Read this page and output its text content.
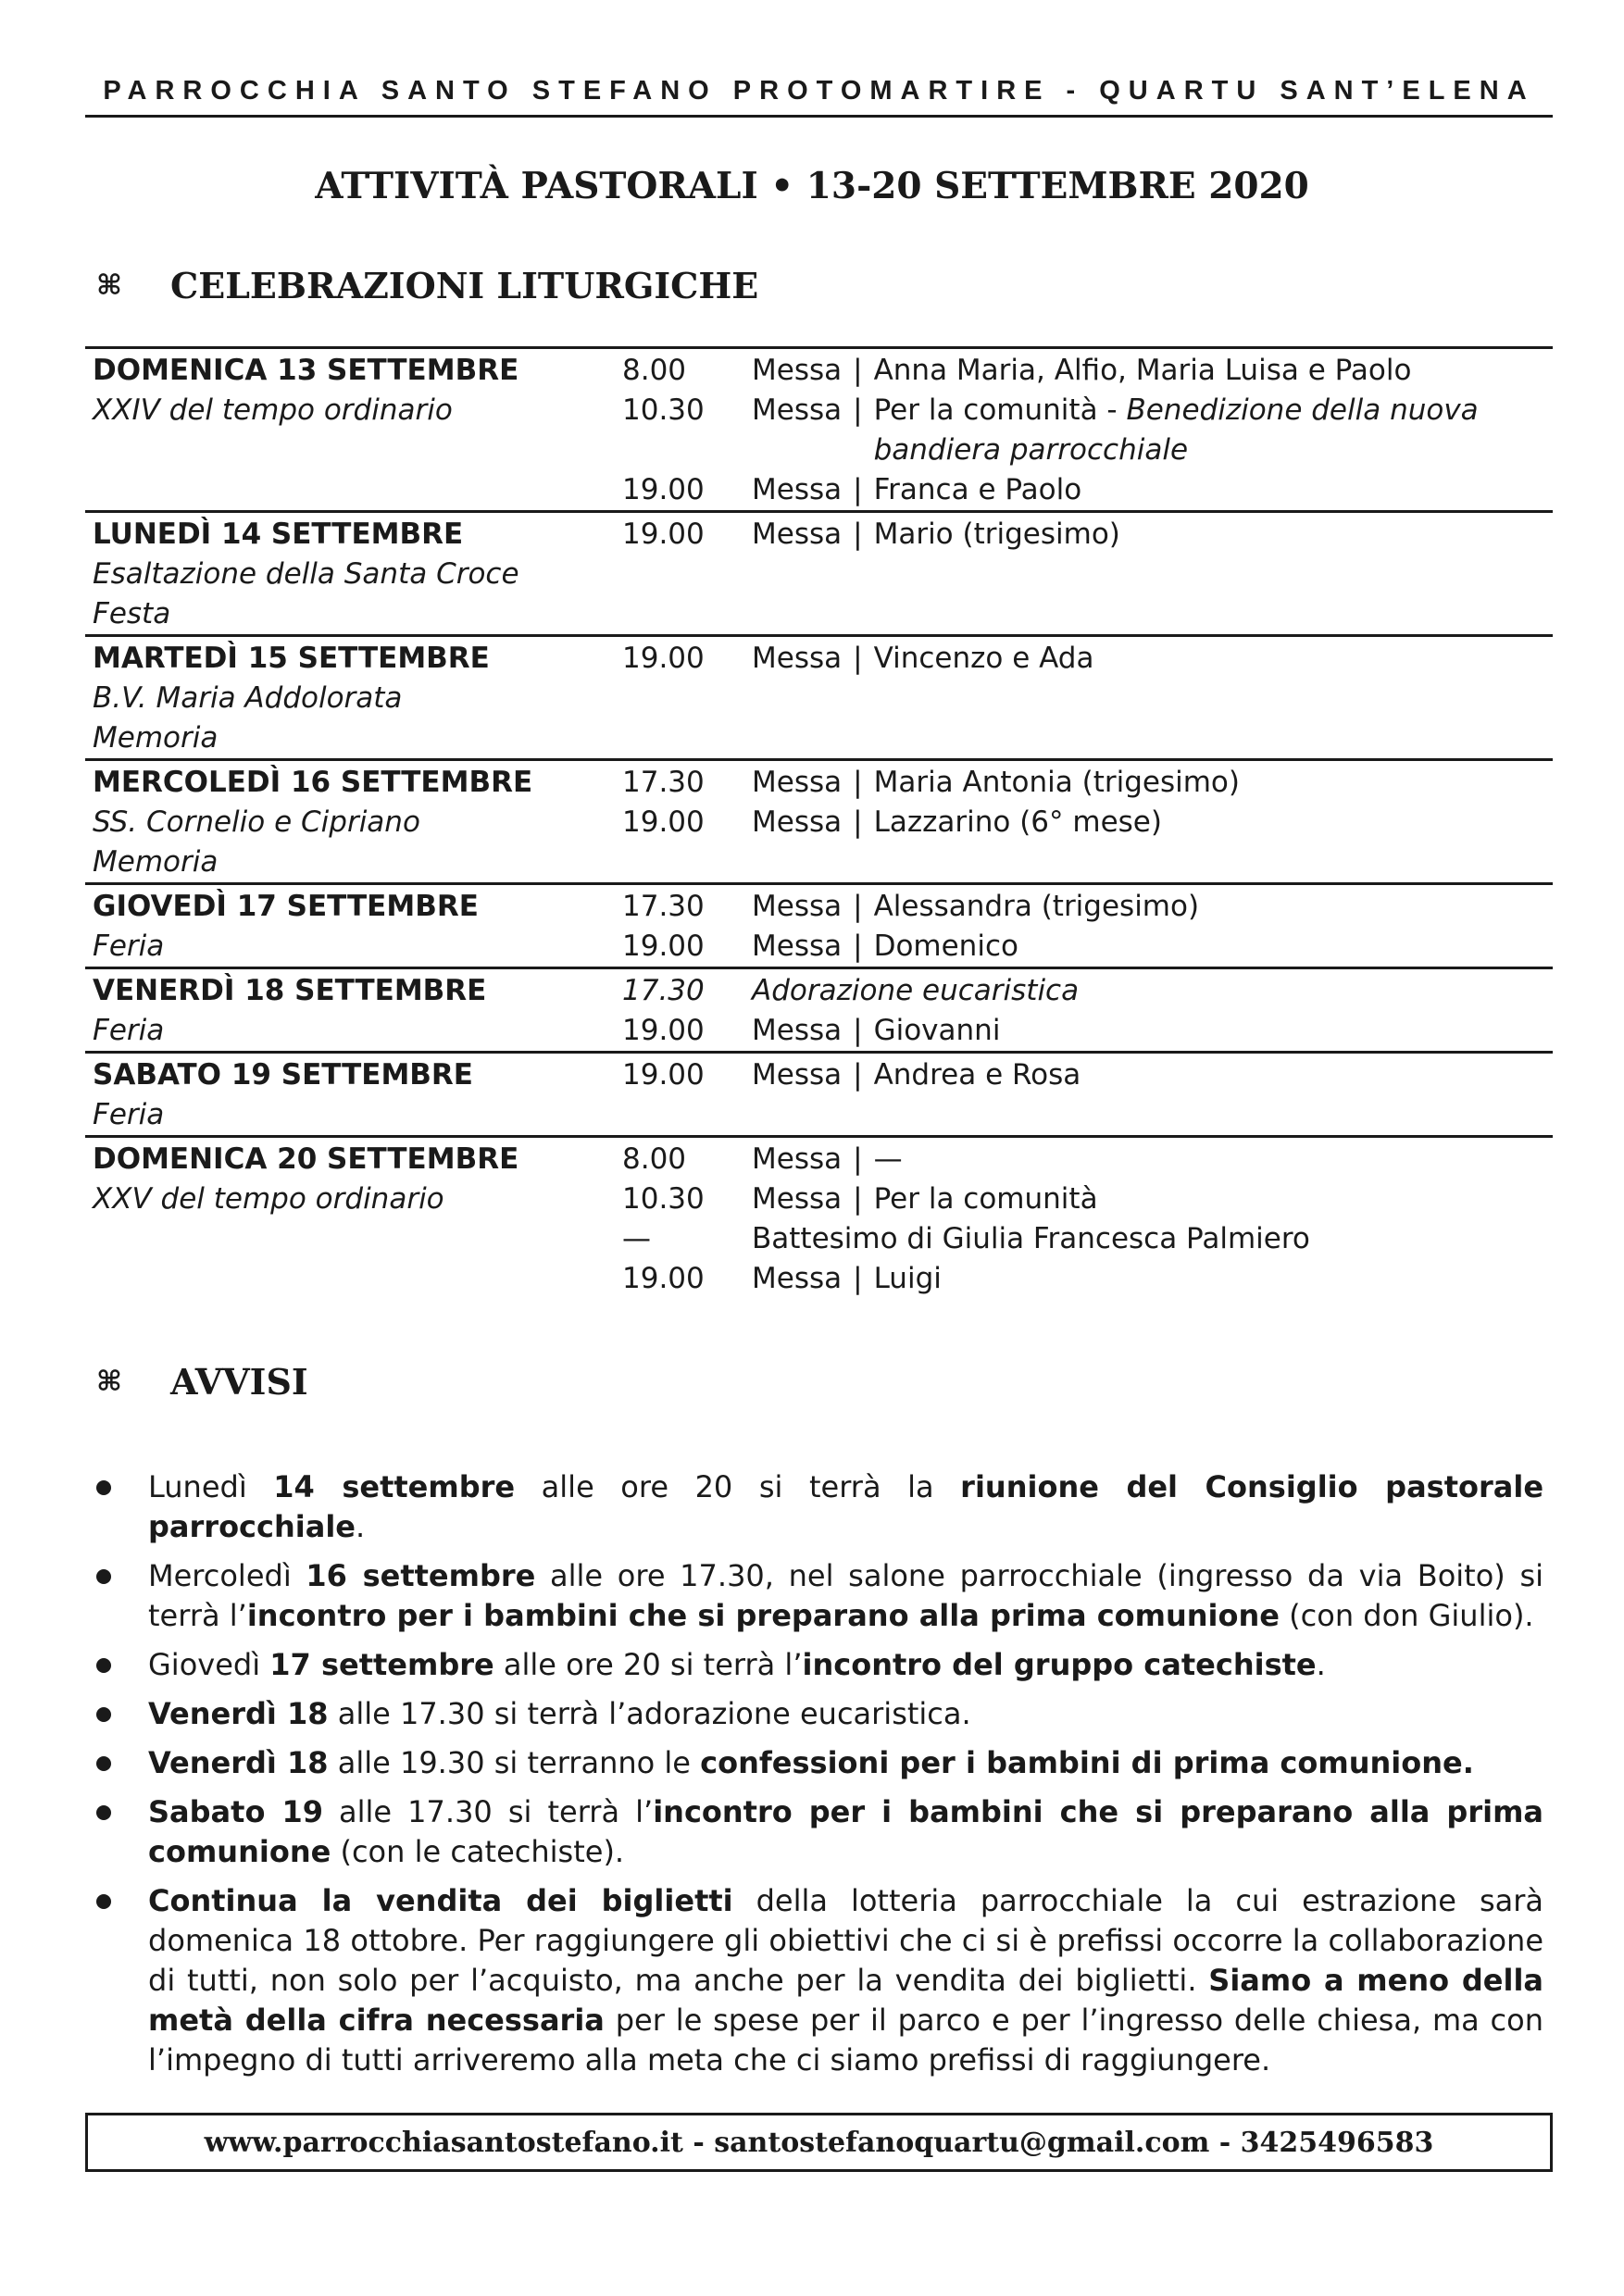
PARROCCHIA SANTO STEFANO PROTOMARTIRE - QUARTU SANT’ELENA
ATTIVITÀ PASTORALI • 13-20 SETTEMBRE 2020
⌘	CELEBRAZIONI LITURGICHE
DOMENICA 13 SETTEMBRE
XXIV del tempo ordinario
8.00	Messa | Anna Maria, Alfio, Maria Luisa e Paolo
10.30	Messa | Per la comunità - Benedizione della nuova bandiera parrocchiale
19.00	Messa | Franca e Paolo
LUNEDÌ 14 SETTEMBRE
Esaltazione della Santa Croce
Festa
19.00	Messa | Mario (trigesimo)
MARTEDÌ 15 SETTEMBRE
B.V. Maria Addolorata
Memoria
19.00	Messa | Vincenzo e Ada
MERCOLEDÌ 16 SETTEMBRE
SS. Cornelio e Cipriano
Memoria
17.30	Messa | Maria Antonia (trigesimo)
19.00	Messa | Lazzarino (6° mese)
GIOVEDÌ 17 SETTEMBRE
Feria
17.30	Messa | Alessandra (trigesimo)
19.00	Messa | Domenico
VENERDÌ 18 SETTEMBRE
Feria
17.30	Adorazione eucaristica
19.00	Messa | Giovanni
SABATO 19 SETTEMBRE
Feria
19.00	Messa | Andrea e Rosa
DOMENICA 20 SETTEMBRE
XXV del tempo ordinario
8.00	Messa | —
10.30	Messa | Per la comunità
—	Battesimo di Giulia Francesca Palmiero
19.00	Messa | Luigi
⌘	AVVISI
Lunedì 14 settembre alle ore 20 si terrà la riunione del Consiglio pastorale parrocchiale.
Mercoledì 16 settembre alle ore 17.30, nel salone parrocchiale (ingresso da via Boito) si terrà l’incontro per i bambini che si preparano alla prima comunione (con don Giulio).
Giovedì 17 settembre alle ore 20 si terrà l’incontro del gruppo catechiste.
Venerdì 18 alle 17.30 si terrà l’adorazione eucaristica.
Venerdì 18 alle 19.30 si terranno le confessioni per i bambini di prima comunione.
Sabato 19 alle 17.30 si terrà l’incontro per i bambini che si preparano alla prima comunione (con le catechiste).
Continua la vendita dei biglietti della lotteria parrocchiale la cui estrazione sarà domenica 18 ottobre. Per raggiungere gli obiettivi che ci si è prefissi occorre la collaborazione di tutti, non solo per l’acquisto, ma anche per la vendita dei biglietti. Siamo a meno della metà della cifra necessaria per le spese per il parco e per l’ingresso delle chiesa, ma con l’impegno di tutti arriveremo alla meta che ci siamo prefissi di raggiungere.
www.parrocchiasantostefano.it - santostefanoquartu@gmail.com - 3425496583
